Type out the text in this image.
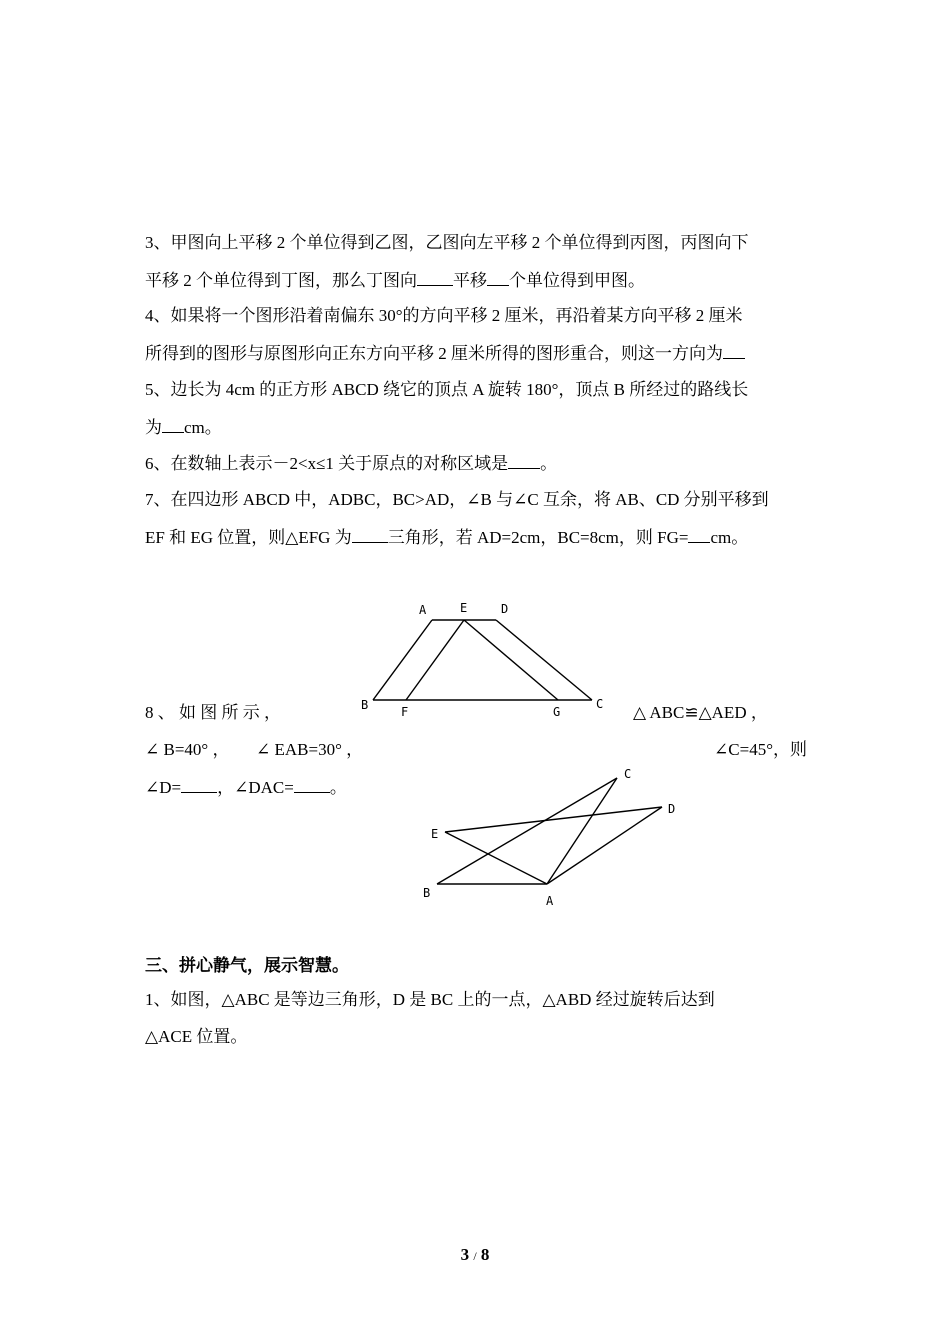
3、甲图向上平移 2 个单位得到乙图，乙图向左平移 2 个单位得到丙图，丙图向下
平移 2 个单位得到丁图，那么丁图向 平移 个单位得到甲图。
4、如果将一个图形沿着南偏东 30°的方向平移 2 厘米，再沿着某方向平移 2 厘米
所得到的图形与原图形向正东方向平移 2 厘米所得的图形重合，则这一方向为
5、边长为 4cm 的正方形 ABCD 绕它的顶点 A 旋转 180°，顶点 B 所经过的路线长
为 cm。
6、在数轴上表示－2<x≤1 关于原点的对称区域是 。
7、在四边形 ABCD 中，ADBC，BC>AD，∠B 与∠C 互余，将 AB、CD 分别平移到
EF 和 EG 位置，则△EFG 为 三角形，若 AD=2cm，BC=8cm，则 FG= cm。
A	E	D
B	F	G
C
8 、 如 图 所 示 ，	△ ABC≌△AED ，
∠ B=40° ， ∠ EAB=30° ，	∠C=45°，则
∠D= ，∠DAC= 。
C
D
E
B
A
三、拼心静气，展示智慧。
1、如图，△ABC 是等边三角形，D 是 BC 上的一点，△ABD 经过旋转后达到
△ACE 位置。
3 / 8
